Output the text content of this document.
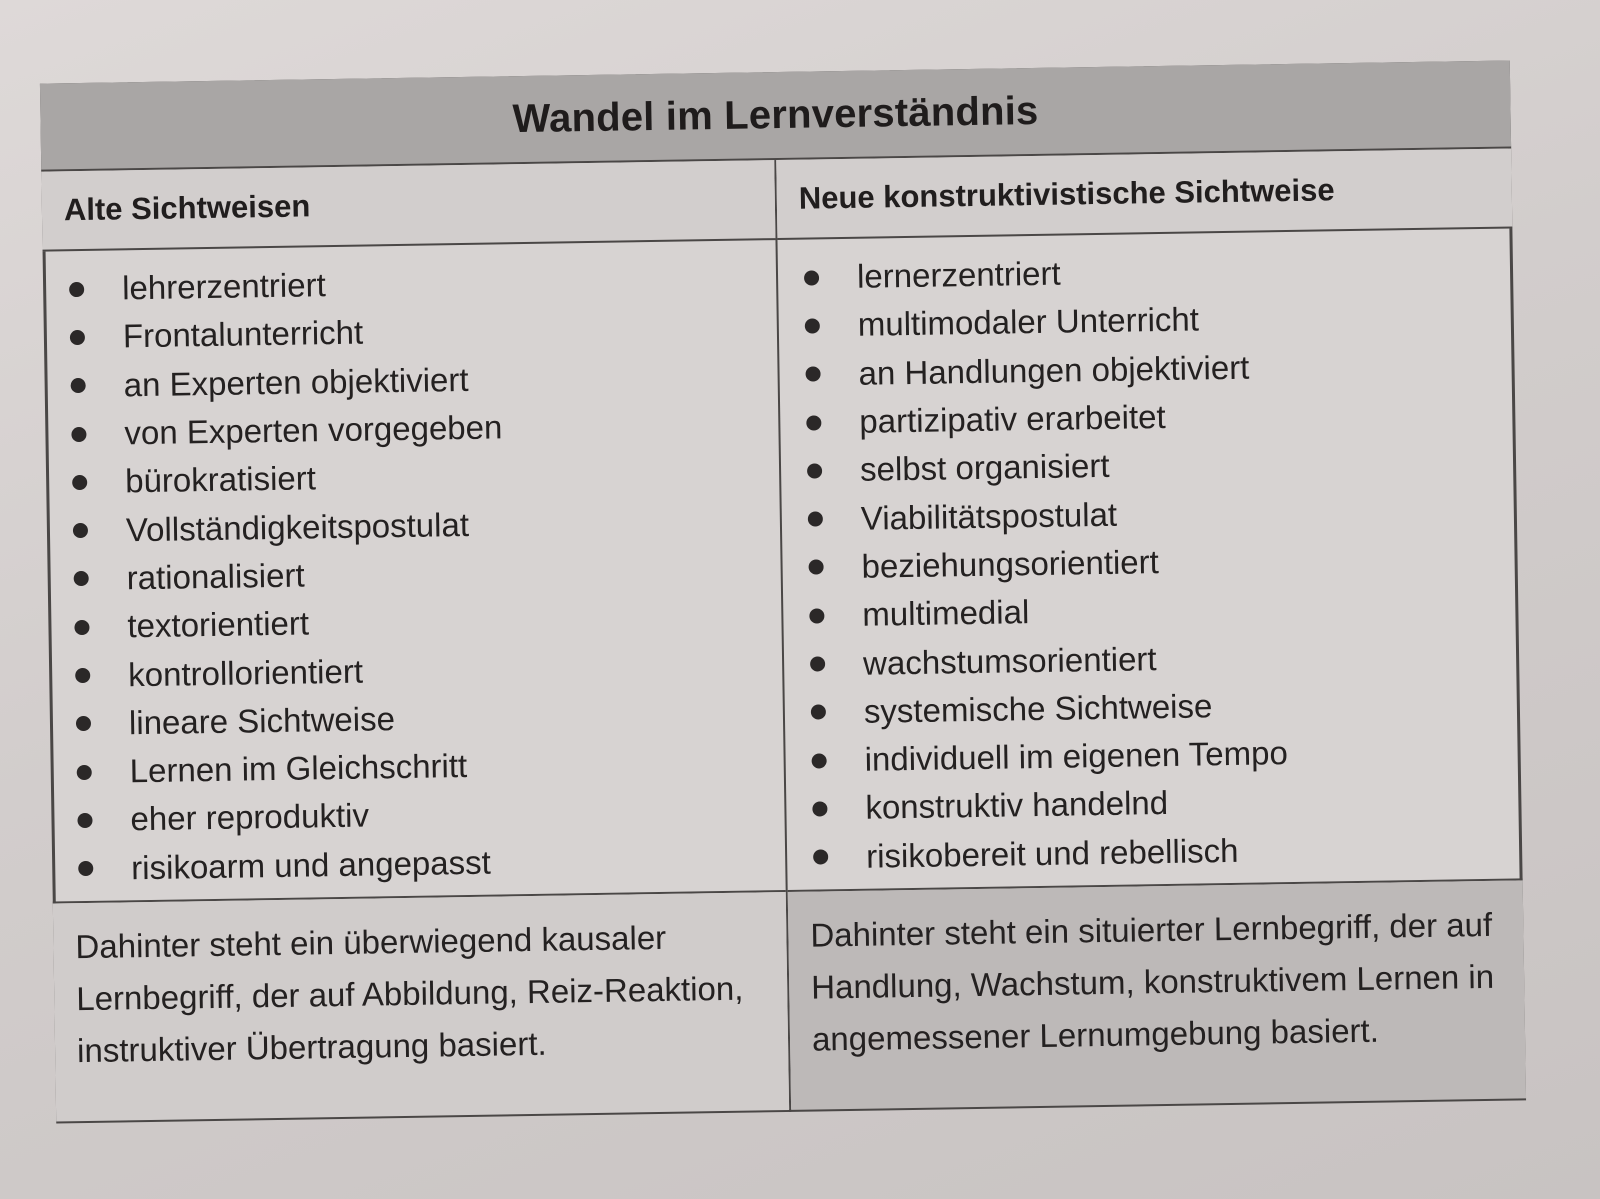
Wandel im Lernverständnis
Alte Sichtweisen
lehrerzentriert
Frontalunterricht
an Experten objektiviert
von Experten vorgegeben
bürokratisiert
Vollständigkeitspostulat
rationalisiert
textorientiert
kontrollorientiert
lineare Sichtweise
Lernen im Gleichschritt
eher reproduktiv
risikoarm und angepasst
Dahinter steht ein überwiegend kausaler Lernbegriff, der auf Abbildung, Reiz-Reaktion, instruktiver Übertragung basiert.
Neue konstruktivistische Sichtweise
lernerzentriert
multimodaler Unterricht
an Handlungen objektiviert
partizipativ erarbeitet
selbst organisiert
Viabilitätspostulat
beziehungsorientiert
multimedial
wachstumsorientiert
systemische Sichtweise
individuell im eigenen Tempo
konstruktiv handelnd
risikobereit und rebellisch
Dahinter steht ein situierter Lernbegriff, der auf Handlung, Wachstum, konstruktivem Lernen in angemessener Lernumgebung basiert.
